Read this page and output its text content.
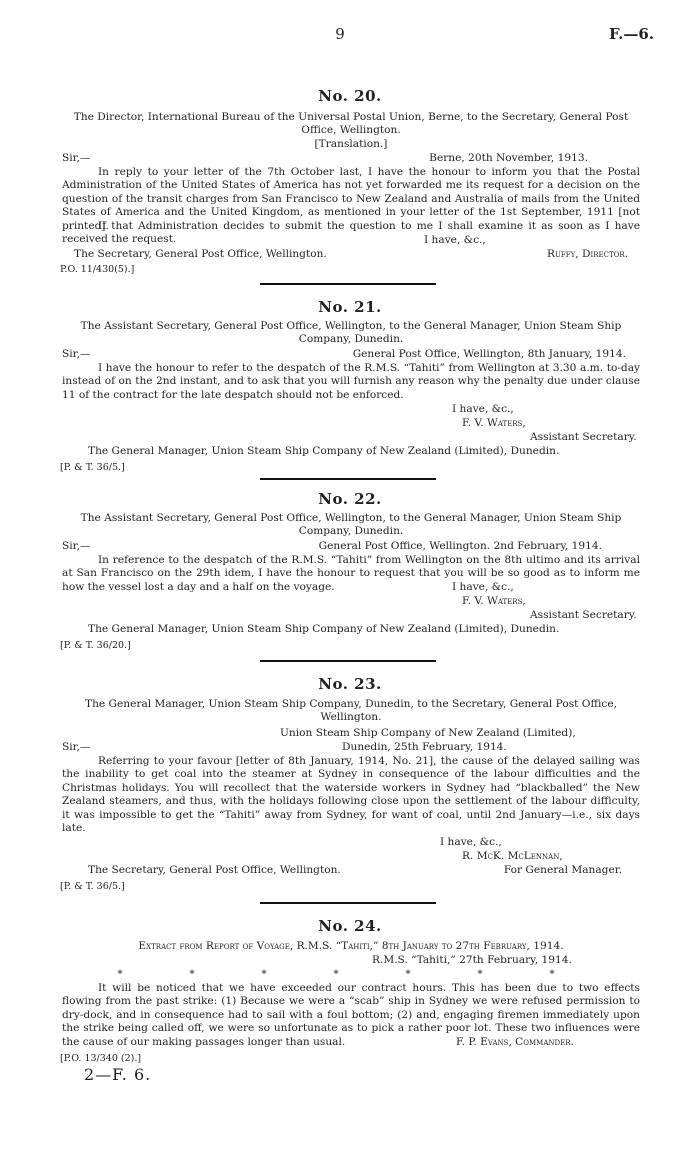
9	F.—6.
No. 20.
The Director, International Bureau of the Universal Postal Union, Berne, to the Secretary, General Post Office, Wellington.
[Translation.]
Sir,—	Berne, 20th November, 1913.
In reply to your letter of the 7th October last, I have the honour to inform you that the Postal Administration of the United States of America has not yet forwarded me its request for a decision on the question of the transit charges from San Francisco to New Zealand and Australia of mails from the United States of America and the United Kingdom, as mentioned in your letter of the 1st September, 1911 [not printed].
If that Administration decides to submit the question to me I shall examine it as soon as I have received the request.	I have, &c.,
The Secretary, General Post Office, Wellington.	Ruffy, Director.
P.O. 11/430(5).]
No. 21.
The Assistant Secretary, General Post Office, Wellington, to the General Manager, Union Steam Ship Company, Dunedin.
Sir,—	General Post Office, Wellington, 8th January, 1914.
I have the honour to refer to the despatch of the R.M.S. “Tahiti” from Wellington at 3.30 a.m. to-day instead of on the 2nd instant, and to ask that you will furnish any reason why the penalty due under clause 11 of the contract for the late despatch should not be enforced.
I have, &c.,
F. V. Waters,
Assistant Secretary.
The General Manager, Union Steam Ship Company of New Zealand (Limited), Dunedin.
[P. & T. 36/5.]
No. 22.
The Assistant Secretary, General Post Office, Wellington, to the General Manager, Union Steam Ship Company, Dunedin.
Sir,—	General Post Office, Wellington. 2nd February, 1914.
In reference to the despatch of the R.M.S. “Tahiti” from Wellington on the 8th ultimo and its arrival at San Francisco on the 29th idem, I have the honour to request that you will be so good as to inform me how the vessel lost a day and a half on the voyage.	I have, &c.,
F. V. Waters,
Assistant Secretary.
The General Manager, Union Steam Ship Company of New Zealand (Limited), Dunedin.
[P. & T. 36/20.]
No. 23.
The General Manager, Union Steam Ship Company, Dunedin, to the Secretary, General Post Office, Wellington.
Union Steam Ship Company of New Zealand (Limited),
Sir,—	Dunedin, 25th February, 1914.
Referring to your favour [letter of 8th January, 1914, No. 21], the cause of the delayed sailing was the inability to get coal into the steamer at Sydney in consequence of the labour difficulties and the Christmas holidays. You will recollect that the waterside workers in Sydney had “blackballed” the New Zealand steamers, and thus, with the holidays following close upon the settlement of the labour difficulty, it was impossible to get the “Tahiti” away from Sydney, for want of coal, until 2nd January—i.e., six days late.
I have, &c.,
R. McK. McLennan,
The Secretary, General Post Office, Wellington.	For General Manager.
[P. & T. 36/5.]
No. 24.
Extract from Report of Voyage, R.M.S. “Tahiti,” 8th January to 27th February, 1914.
R.M.S. “Tahiti,” 27th February, 1914.
*	*	*	*	*	*	*
It will be noticed that we have exceeded our contract hours. This has been due to two effects flowing from the past strike: (1) Because we were a “scab” ship in Sydney we were refused permission to dry-dock, and in consequence had to sail with a foul bottom; (2) and, engaging firemen immediately upon the strike being called off, we were so unfortunate as to pick a rather poor lot. These two influences were the cause of our making passages longer than usual.	F. P. Evans, Commander.
[P.O. 13/340 (2).]
2—F. 6.
